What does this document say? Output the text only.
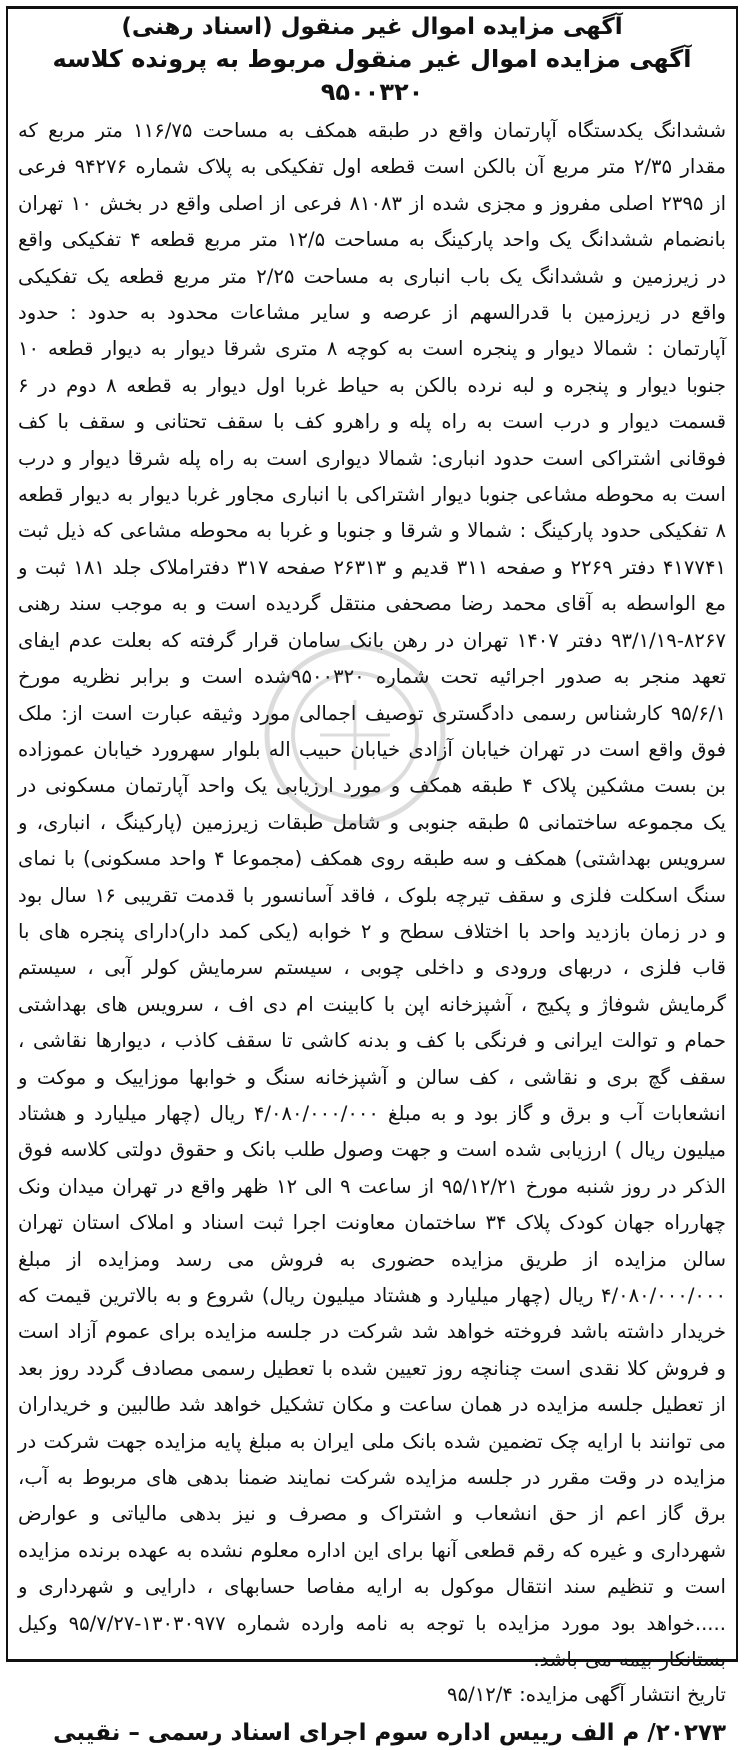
آگهی مزایده اموال غیر منقول (اسناد رهنی)
آگهی مزایده اموال غیر منقول مربوط به پرونده کلاسه ۹۵۰۰۳۲۰
ششدانگ یکدستگاه آپارتمان واقع در طبقه همکف به مساحت ۱۱۶/۷۵ متر مربع که مقدار ۲/۳۵ متر مربع آن بالکن است قطعه اول تفکیکی به پلاک شماره ۹۴۲۷۶ فرعی از ۲۳۹۵ اصلی مفروز و مجزی شده از ۸۱۰۸۳ فرعی از اصلی واقع در بخش ۱۰ تهران بانضمام ششدانگ یک واحد پارکینگ به مساحت ۱۲/۵ متر مربع قطعه ۴ تفکیکی واقع در زیرزمین و ششدانگ یک باب انباری به مساحت ۲/۲۵ متر مربع قطعه یک تفکیکی واقع در زیرزمین با قدرالسهم از عرصه و سایر مشاعات محدود به حدود : حدود آپارتمان : شمالا دیوار و پنجره است به کوچه ۸ متری شرقا دیوار به دیوار قطعه ۱۰ جنوبا دیوار و پنجره و لبه نرده بالکن به حیاط غربا اول دیوار به قطعه ۸ دوم در ۶ قسمت دیوار و درب است به راه پله و راهرو کف با سقف تحتانی و سقف با کف فوقانی اشتراکی است حدود انباری: شمالا دیواری است به راه پله شرقا دیوار و درب است به محوطه مشاعی جنوبا دیوار اشتراکی با انباری مجاور غربا دیوار به دیوار قطعه ۸ تفکیکی حدود پارکینگ : شمالا و شرقا و جنوبا و غربا به محوطه مشاعی که ذیل ثبت ۴۱۷۷۴۱ دفتر ۲۲۶۹ و صفحه ۳۱۱ قدیم و ۲۶۳۱۳ صفحه ۳۱۷ دفتراملاک جلد ۱۸۱ ثبت و مع الواسطه به آقای محمد رضا مصحفی منتقل گردیده است و به موجب سند رهنی ۸۲۶۷-۹۳/۱/۱۹ دفتر ۱۴۰۷ تهران در رهن بانک سامان قرار گرفته که بعلت عدم ایفای تعهد منجر به صدور اجرائیه تحت شماره ۹۵۰۰۳۲۰شده است و برابر نظریه مورخ ۹۵/۶/۱ کارشناس رسمی دادگستری توصیف اجمالی مورد وثیقه عبارت است از: ملک فوق واقع است در تهران خیابان آزادی خیابان حبیب اله بلوار سهرورد خیابان عموزاده بن بست مشکین پلاک ۴ طبقه همکف و مورد ارزیابی یک واحد آپارتمان مسکونی در یک مجموعه ساختمانی ۵ طبقه جنوبی و شامل طبقات زیرزمین (پارکینگ ، انباری، و سرویس بهداشتی) همکف و سه طبقه روی همکف (مجموعا ۴ واحد مسکونی) با نمای سنگ اسکلت فلزی و سقف تیرچه بلوک ، فاقد آسانسور با قدمت تقریبی ۱۶ سال بود و در زمان بازدید واحد با اختلاف سطح و ۲ خوابه (یکی کمد دار)دارای پنجره های با قاب فلزی ، دربهای ورودی و داخلی چوبی ، سیستم سرمایش کولر آبی ، سیستم گرمایش شوفاژ و پکیج ، آشپزخانه اپن با کابینت ام دی اف ، سرویس های بهداشتی حمام و توالت ایرانی و فرنگی با کف و بدنه کاشی تا سقف کاذب ، دیوارها نقاشی ، سقف گچ بری و نقاشی ، کف سالن و آشپزخانه سنگ و خوابها موزاییک و موکت و انشعابات آب و برق و گاز بود و به مبلغ ۴/۰۸۰/۰۰۰/۰۰۰ ریال (چهار میلیارد و هشتاد میلیون ریال ) ارزیابی شده است و جهت وصول طلب بانک و حقوق دولتی کلاسه فوق الذکر در روز شنبه مورخ ۹۵/۱۲/۲۱ از ساعت ۹ الی ۱۲ ظهر واقع در تهران میدان ونک چهارراه جهان کودک پلاک ۳۴ ساختمان معاونت اجرا ثبت اسناد و املاک استان تهران سالن مزایده از طریق مزایده حضوری به فروش می رسد ومزایده از مبلغ ۴/۰۸۰/۰۰۰/۰۰۰ ریال (چهار میلیارد و هشتاد میلیون ریال) شروع و به بالاترین قیمت که خریدار داشته باشد فروخته خواهد شد شرکت در جلسه مزایده برای عموم آزاد است و فروش کلا نقدی است چنانچه روز تعیین شده با تعطیل رسمی مصادف گردد روز بعد از تعطیل جلسه مزایده در همان ساعت و مکان تشکیل خواهد شد طالبین و خریداران می توانند با ارایه چک تضمین شده بانک ملی ایران به مبلغ پایه مزایده جهت شرکت در مزایده در وقت مقرر در جلسه مزایده شرکت نمایند ضمنا بدهی های مربوط به آب، برق گاز اعم از حق انشعاب و اشتراک و مصرف و نیز بدهی مالیاتی و عوارض شهرداری و غیره که رقم قطعی آنها برای این اداره معلوم نشده به عهده برنده مزایده است و تنظیم سند انتقال موکول به ارایه مفاصا حسابهای ، دارایی و شهرداری و .....خواهد بود مورد مزایده با توجه به نامه وارده شماره ۱۳۰۳۰۹۷۷-۹۵/۷/۲۷ وکیل بستانکار بیمه می باشد.
تاریخ انتشار آگهی مزایده: ۹۵/۱۲/۴
۲۰۲۷۳/ م الف رییس اداره سوم اجرای اسناد رسمی – نقیبی
